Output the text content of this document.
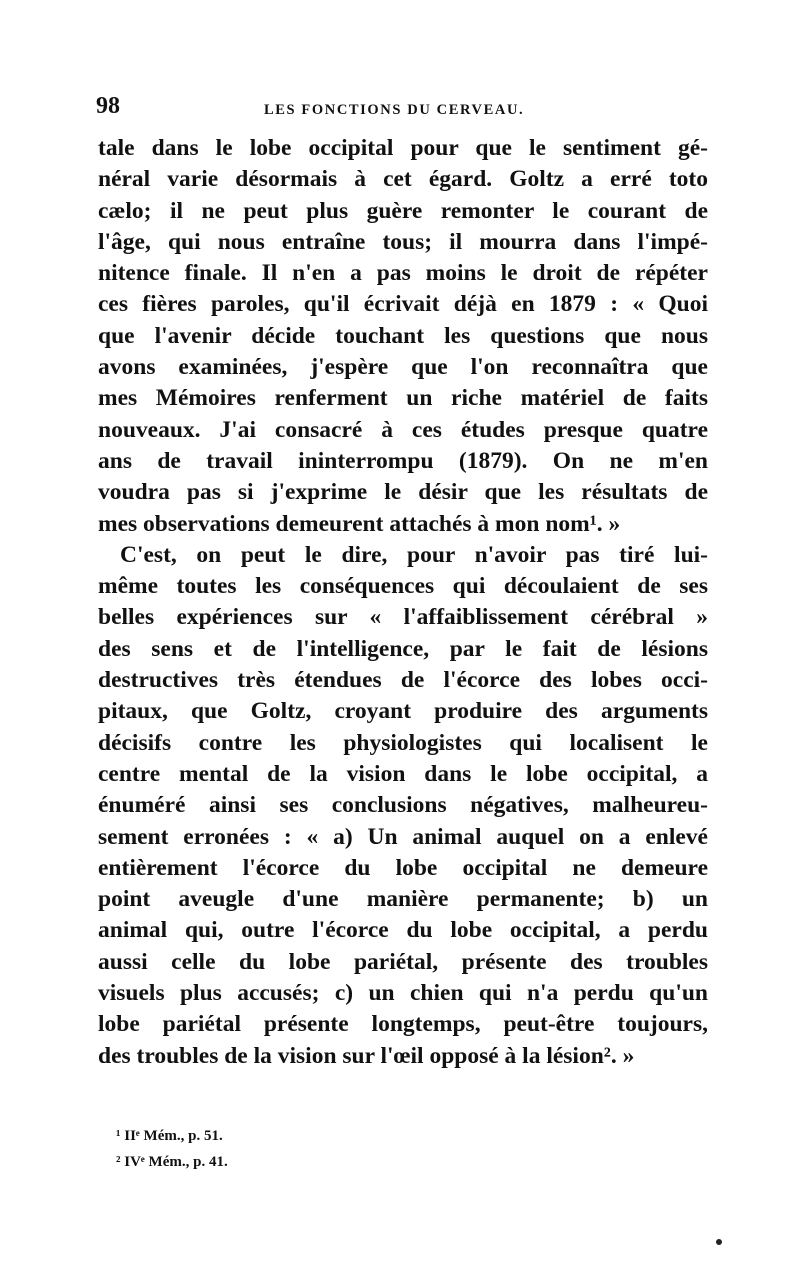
98	LES FONCTIONS DU CERVEAU.
tale dans le lobe occipital pour que le sentiment gé-
néral varie désormais à cet égard. Goltz a erré toto
cælo; il ne peut plus guère remonter le courant de
l'âge, qui nous entraîne tous; il mourra dans l'impé-
nitence finale. Il n'en a pas moins le droit de répéter
ces fières paroles, qu'il écrivait déjà en 1879 : « Quoi
que l'avenir décide touchant les questions que nous
avons examinées, j'espère que l'on reconnaîtra que
mes Mémoires renferment un riche matériel de faits
nouveaux. J'ai consacré à ces études presque quatre
ans de travail ininterrompu (1879). On ne m'en
voudra pas si j'exprime le désir que les résultats de
mes observations demeurent attachés à mon nom¹. »
C'est, on peut le dire, pour n'avoir pas tiré lui-
même toutes les conséquences qui découlaient de ses
belles expériences sur « l'affaiblissement cérébral »
des sens et de l'intelligence, par le fait de lésions
destructives très étendues de l'écorce des lobes occi-
pitaux, que Goltz, croyant produire des arguments
décisifs contre les physiologistes qui localisent le
centre mental de la vision dans le lobe occipital, a
énuméré ainsi ses conclusions négatives, malheureu-
sement erronées : « a) Un animal auquel on a enlevé
entièrement l'écorce du lobe occipital ne demeure
point aveugle d'une manière permanente; b) un
animal qui, outre l'écorce du lobe occipital, a perdu
aussi celle du lobe pariétal, présente des troubles
visuels plus accusés; c) un chien qui n'a perdu qu'un
lobe pariétal présente longtemps, peut-être toujours,
des troubles de la vision sur l'œil opposé à la lésion². »
¹ IIᵉ Mém., p. 51.
² IVᵉ Mém., p. 41.
